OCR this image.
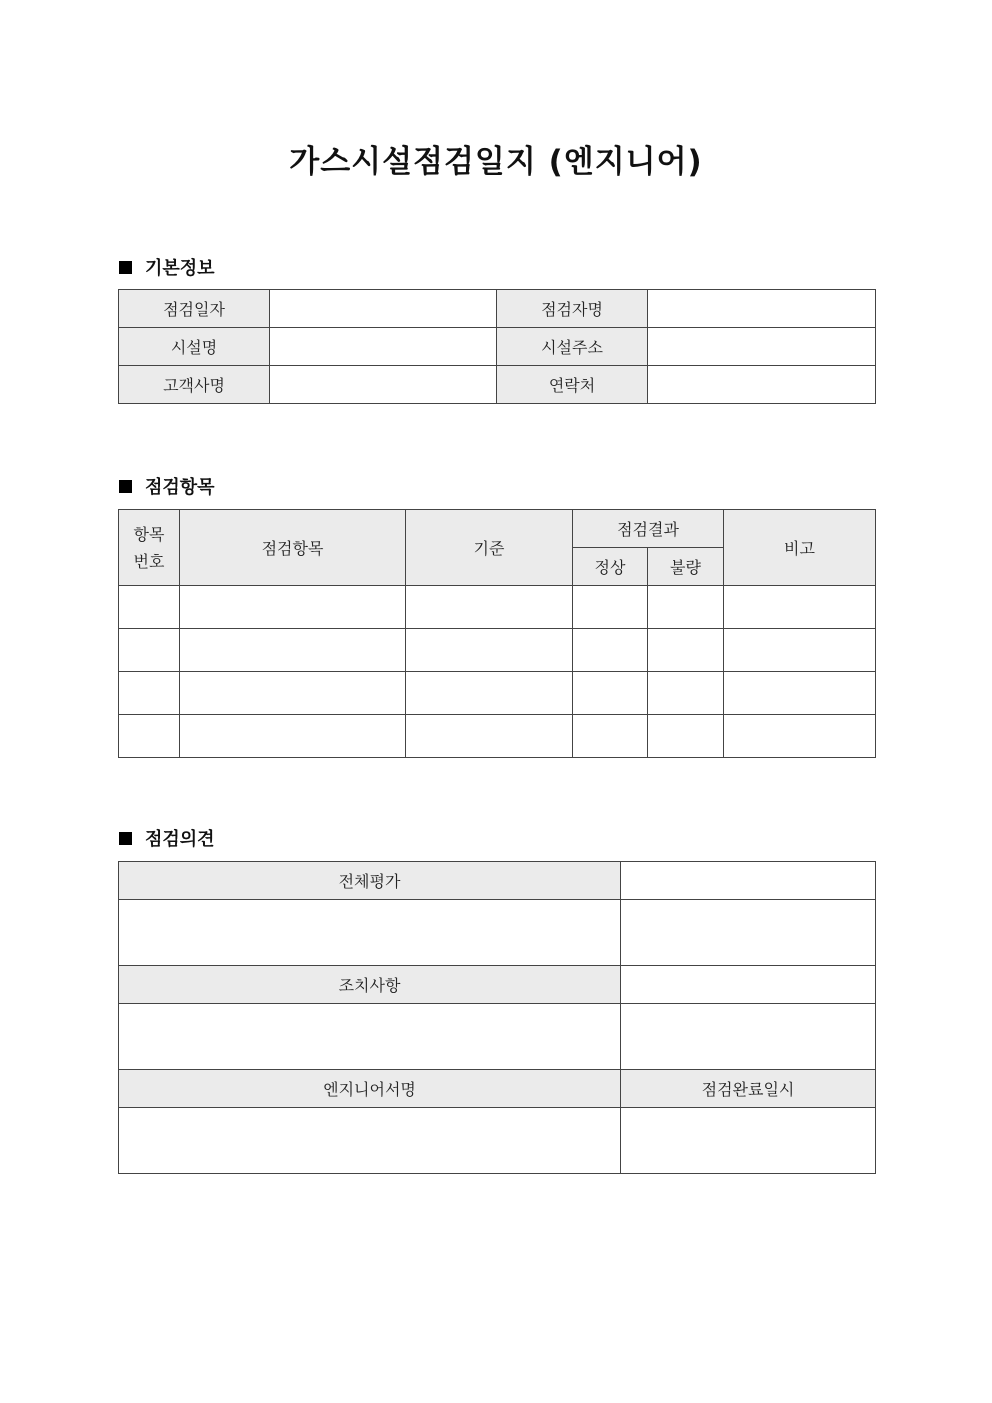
가스시설점검일지 (엔지니어)
기본정보
점검일자		점검자명	
시설명		시설주소	
고객사명		연락처	
점검항목
항목
번호	점검항목	기준	점검결과		비고
			정상	불량	

점검의견
전체평가	

조치사항	

엔지니어서명	점검완료일시
